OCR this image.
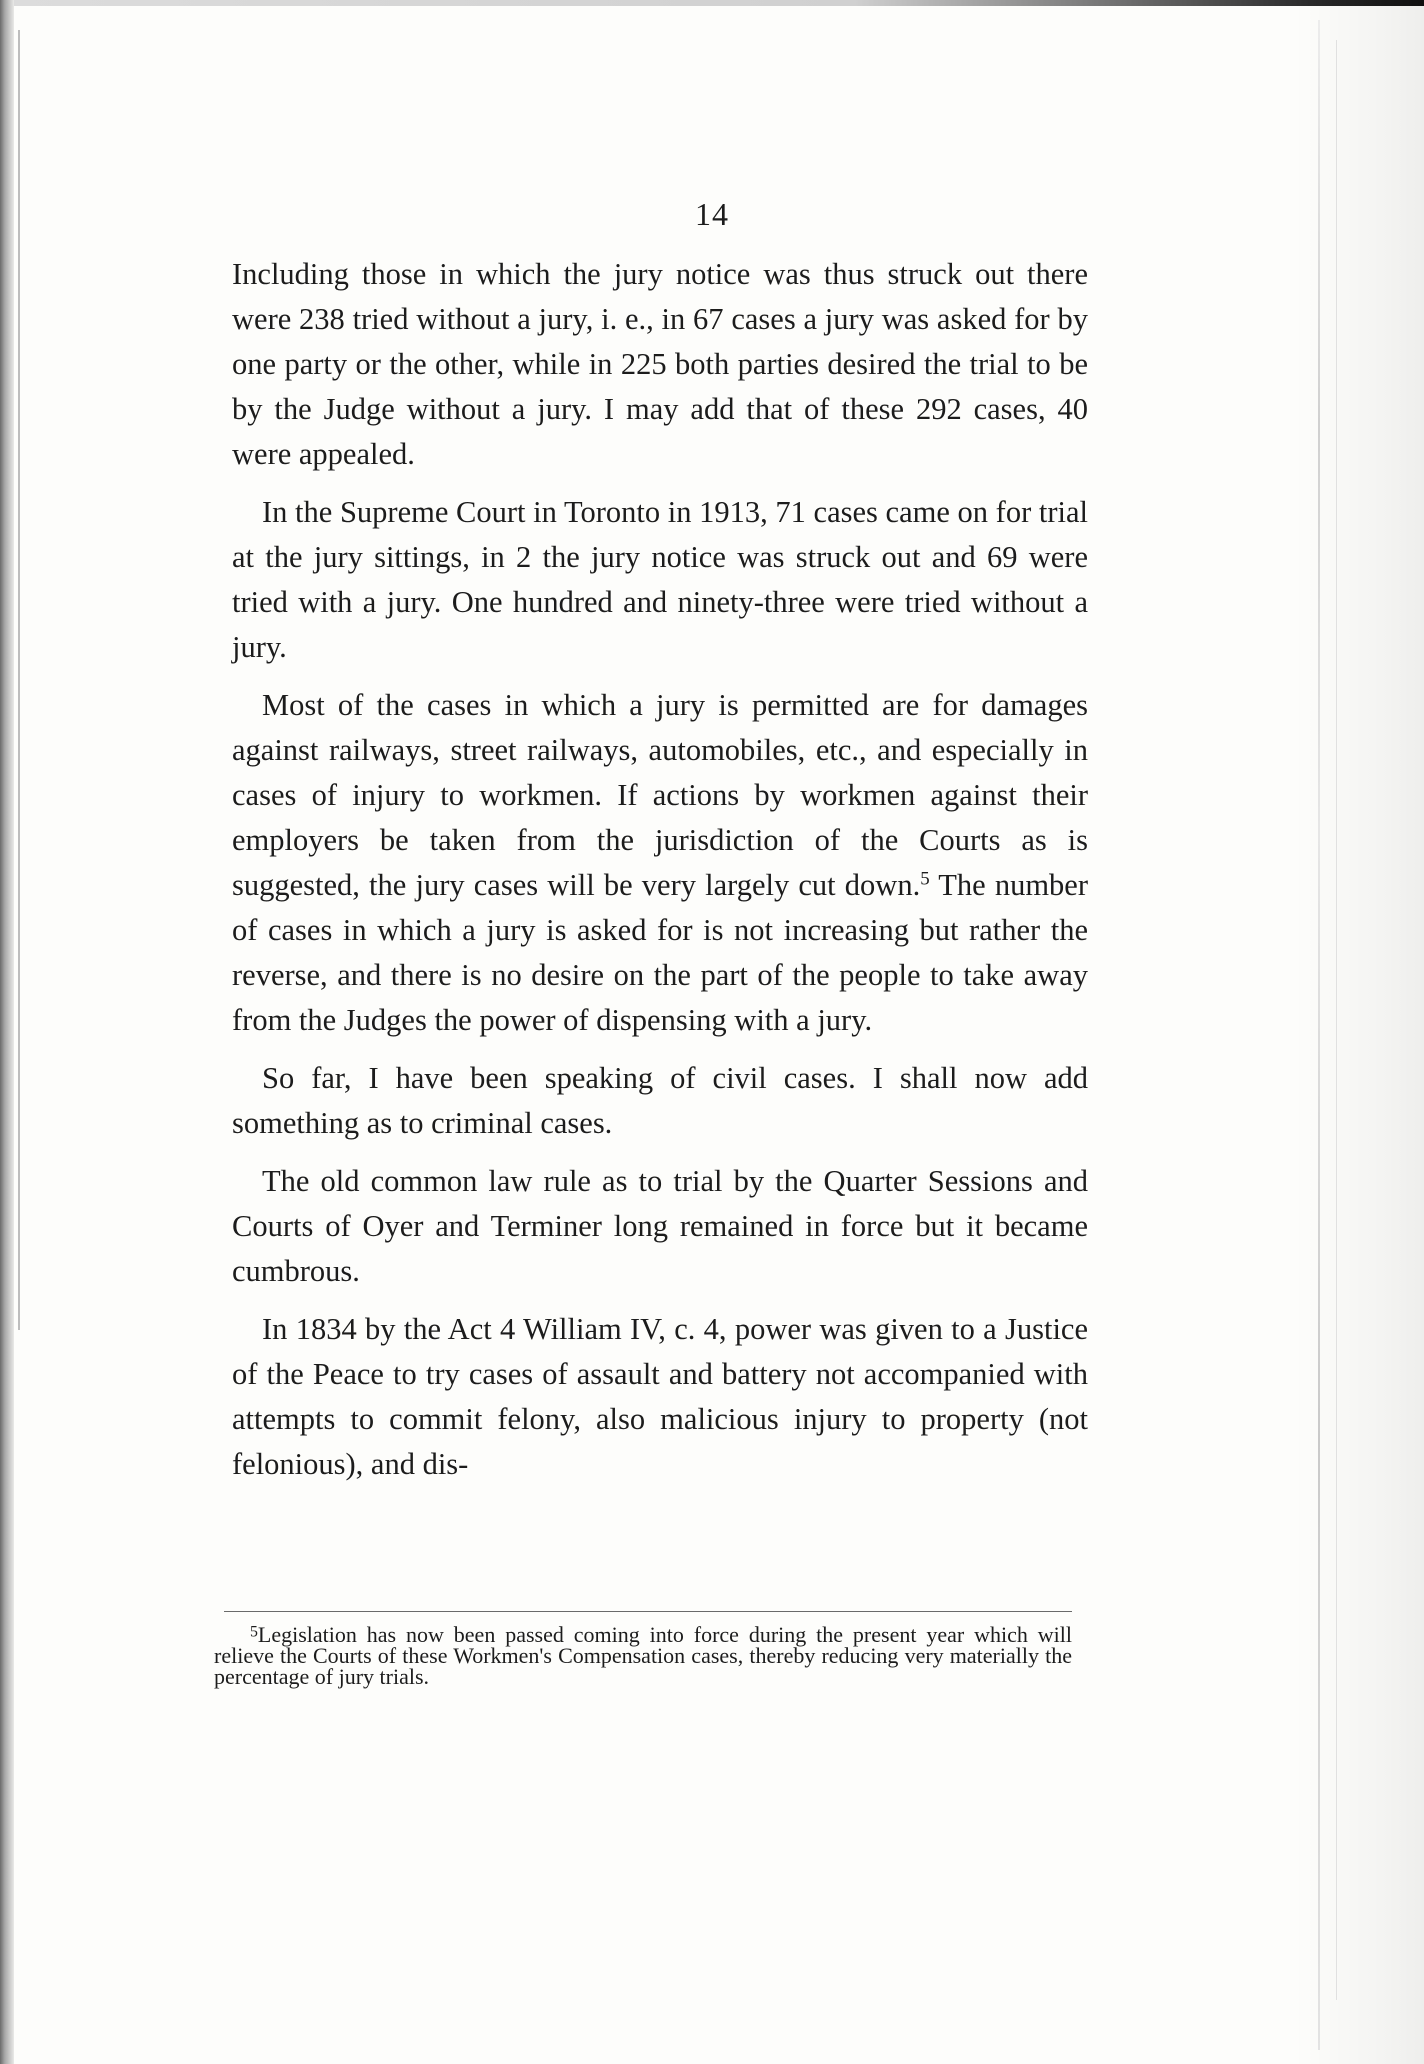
14

Including those in which the jury notice was thus struck out there were 238 tried without a jury, i. e., in 67 cases a jury was asked for by one party or the other, while in 225 both parties desired the trial to be by the Judge without a jury. I may add that of these 292 cases, 40 were appealed.

In the Supreme Court in Toronto in 1913, 71 cases came on for trial at the jury sittings, in 2 the jury notice was struck out and 69 were tried with a jury. One hundred and ninety-three were tried without a jury.

Most of the cases in which a jury is permitted are for damages against railways, street railways, automobiles, etc., and especially in cases of injury to workmen. If actions by workmen against their employers be taken from the jurisdiction of the Courts as is suggested, the jury cases will be very largely cut down.$^5$ The number of cases in which a jury is asked for is not increasing but rather the reverse, and there is no desire on the part of the people to take away from the Judges the power of dispensing with a jury.

So far, I have been speaking of civil cases. I shall now add something as to criminal cases.

The old common law rule as to trial by the Quarter Sessions and Courts of Oyer and Terminer long remained in force but it became cumbrous.

In 1834 by the Act 4 William IV, c. 4, power was given to a Justice of the Peace to try cases of assault and battery not accompanied with attempts to commit felony, also malicious injury to property (not felonious), and dis-

$^5$Legislation has now been passed coming into force during the present year which will relieve the Courts of these Workmen's Compensation cases, thereby reducing very materially the percentage of jury trials.
